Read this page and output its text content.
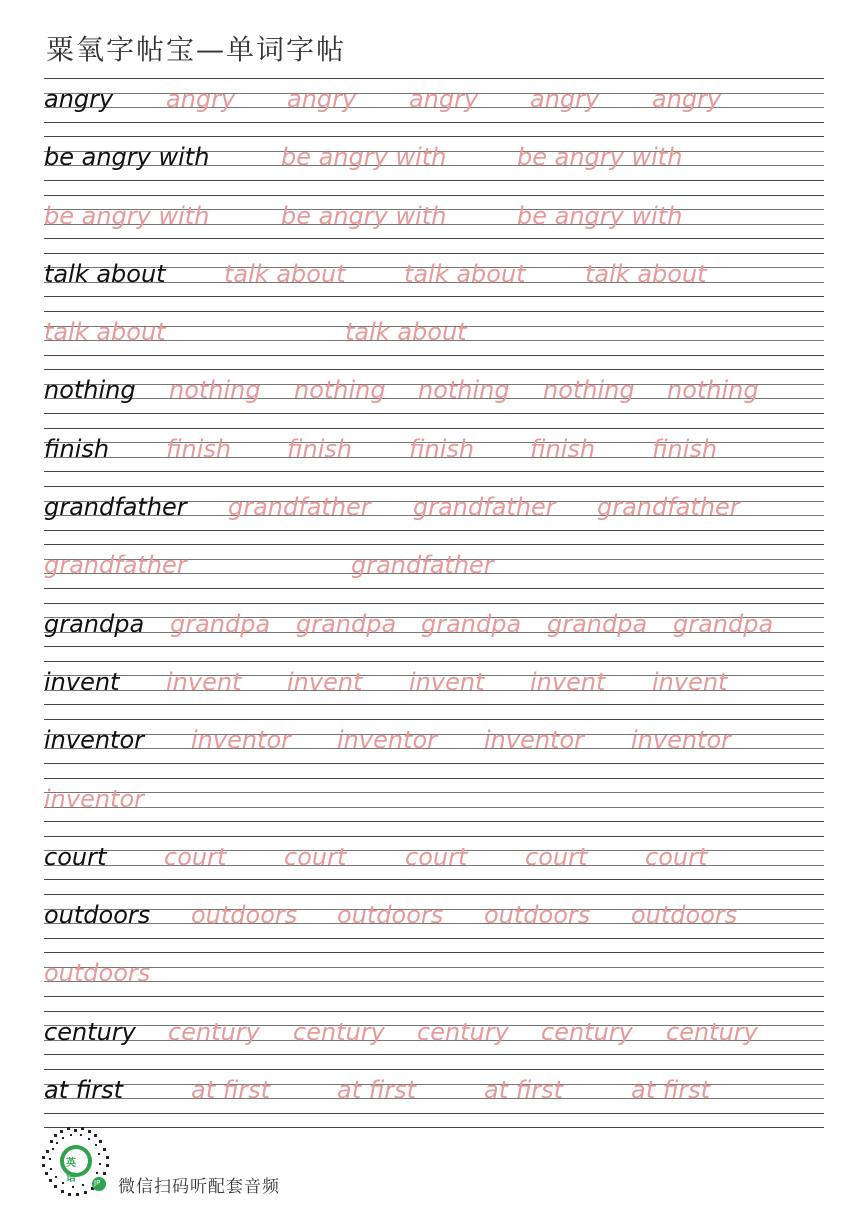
粟氧字帖宝—单词字帖
angry angry angry angry angry angry
be angry with	be angry with	be angry with
be angry with	be angry with	be angry with
talk about talk about talk about talk about
talk about	talk about
nothing nothing nothing nothing nothing nothing
finish finish finish finish finish finish
grandfather grandfather grandfather grandfather
grandfather	grandfather
grandpa grandpa grandpa grandpa grandpa grandpa
invent invent invent invent invent invent
inventor inventor inventor inventor inventor
inventor
court court court court court court
outdoors outdoors outdoors outdoors outdoors
outdoors
century century century century century century
at first	at first	at first	at first	at first
英语	JP 微信扫码听配套音频
